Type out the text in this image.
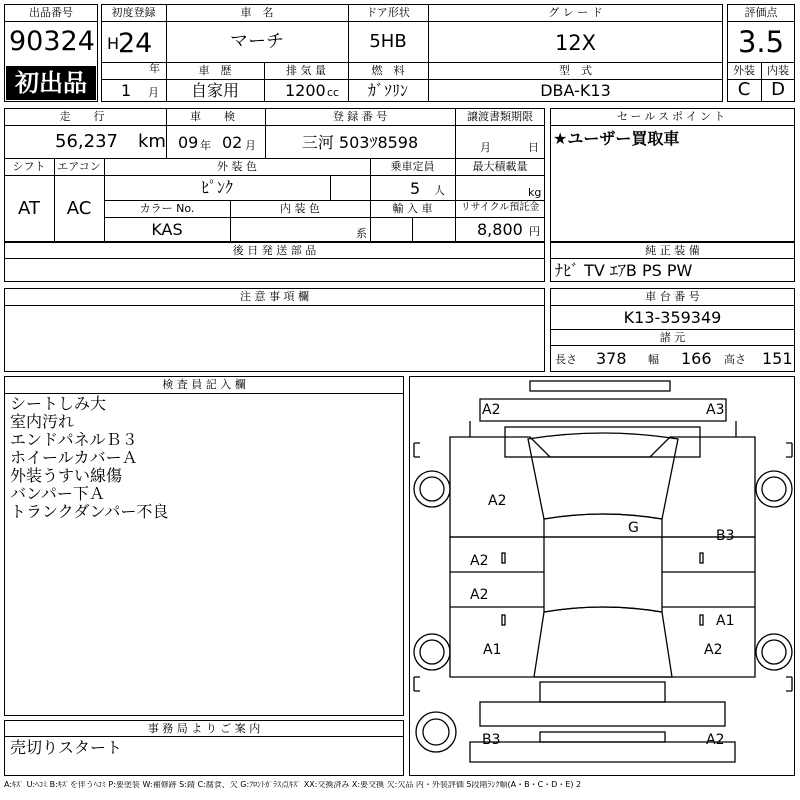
出品番号
90324
初出品
初度登録
H
24
年
1 月
車　名
マーチ
車　歴
自家用
排 気 量
1200 cc
ドア形状
5HB
燃　料
ｶﾞｿﾘﾝ
グ レ ー ド
12X
型　式
DBA-K13
評価点
3.5
外装	内装
C	D
走　行
56,237 km
車　検
09 年 02 月
登 録 番 号
三河 503ﾂ8598
譲渡書類期限
月	日
シフト
AT
エアコン
AC
外 装 色
ﾋﾟﾝｸ
乗車定員
5 人
最大積載量
kg
カラー No.
KAS
内 装 色
系
輸 入 車	リサイクル預託金
8,800 円
後 日 発 送 部 品
注 意 事 項 欄
セールスポイント
★ユーザー買取車
純 正 装 備
ﾅﾋﾞ TV ｴｱB PS PW
車 台 番 号
K13-359349
諸 元
長さ 378 幅 166 高さ 151
検 査 員 記 入 欄
シートしみ大
室内汚れ
エンドパネルＢ３
ホイールカバーＡ
外装うすい線傷
バンパー下Ａ
トランクダンパー不良
事 務 局 よ り ご 案 内
売切りスタート
A2	A3
A2
G
A2
B3
A2
A1
A1	A2
B3	A2
A:ｷｽﾞ U:ﾍｺﾐ B:ｷｽﾞを伴うﾍｺﾐ P:要塗装 W:補修跡 S:錆 C:腐食、欠 G:ﾌﾛﾝﾄｶﾞﾗｽ点ｷｽﾞ XX:交換済み X:要交換 欠:欠品 内・外装評価 5段階ﾗﾝｸ順(A・B・C・D・E) 2
